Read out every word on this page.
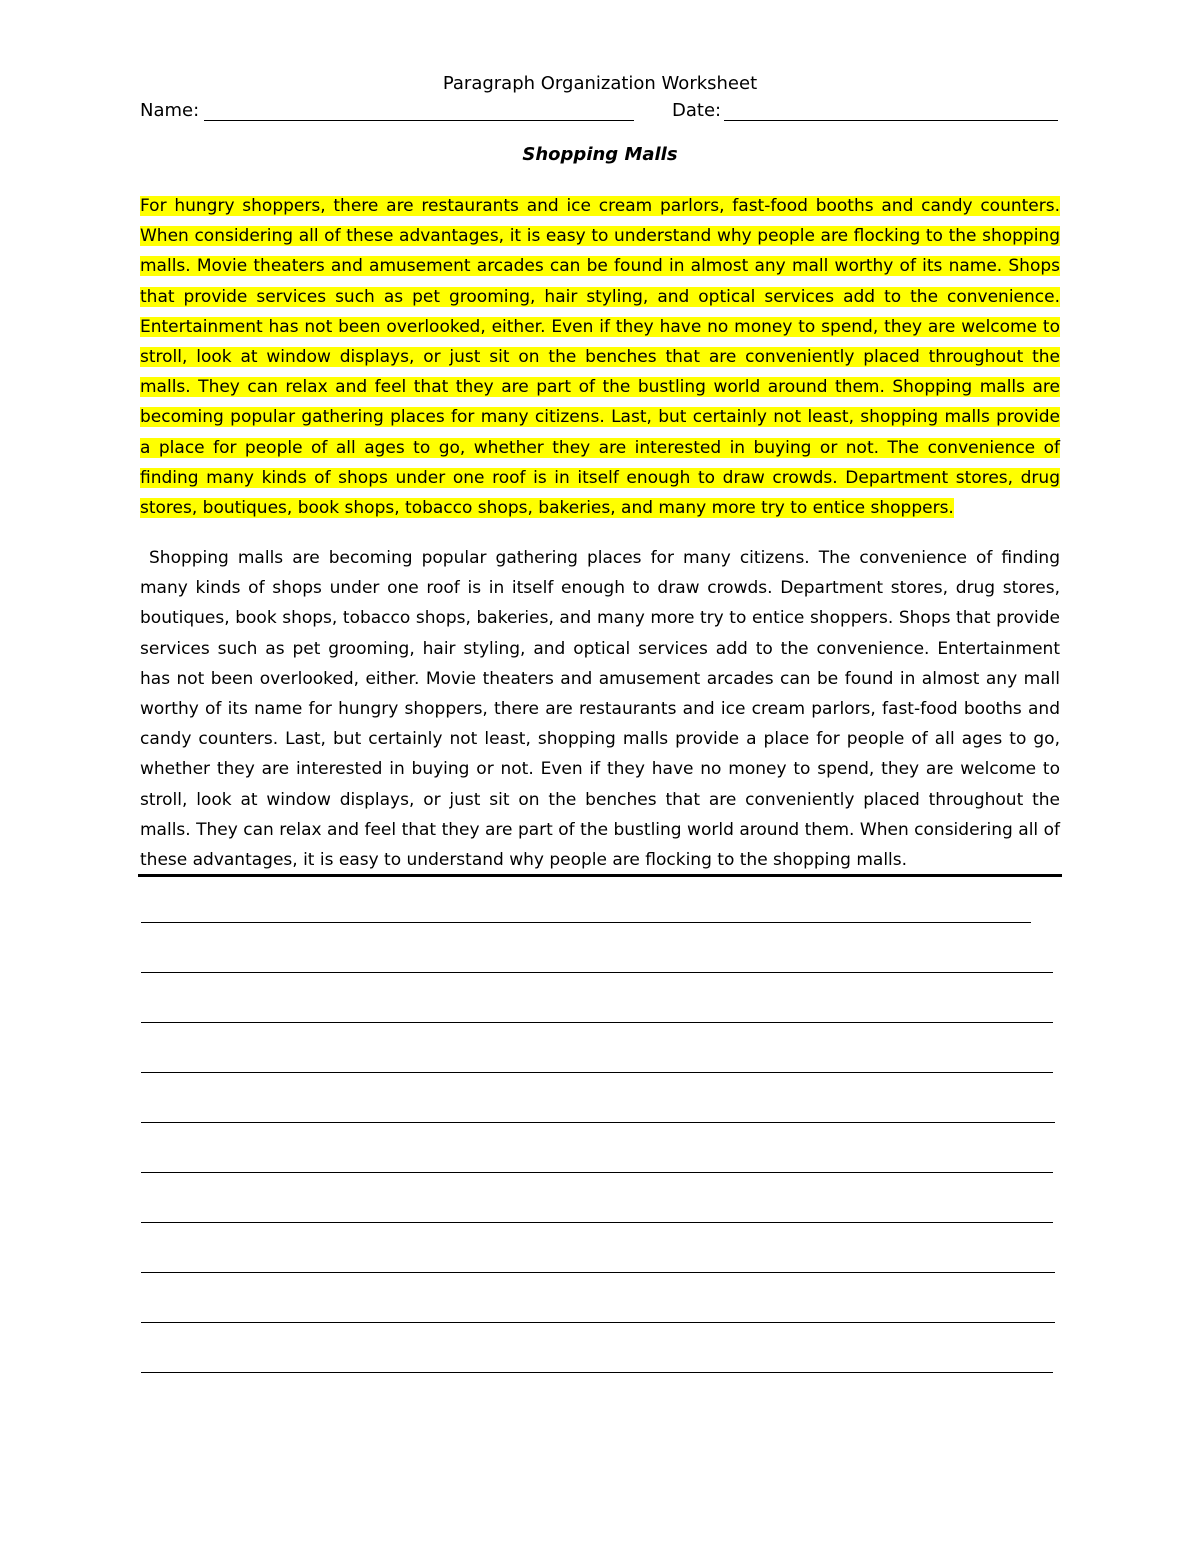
Paragraph Organization Worksheet
Name:	Date:
Shopping Malls

For hungry shoppers, there are restaurants and ice cream parlors, fast-food booths and candy counters. When considering all of these advantages, it is easy to understand why people are flocking to the shopping malls. Movie theaters and amusement arcades can be found in almost any mall worthy of its name. Shops that provide services such as pet grooming, hair styling, and optical services add to the convenience. Entertainment has not been overlooked, either. Even if they have no money to spend, they are welcome to stroll, look at window displays, or just sit on the benches that are conveniently placed throughout the malls. They can relax and feel that they are part of the bustling world around them. Shopping malls are becoming popular gathering places for many citizens. Last, but certainly not least, shopping malls provide a place for people of all ages to go, whether they are interested in buying or not. The convenience of finding many kinds of shops under one roof is in itself enough to draw crowds. Department stores, drug stores, boutiques, book shops, tobacco shops, bakeries, and many more try to entice shoppers.

Shopping malls are becoming popular gathering places for many citizens. The convenience of finding many kinds of shops under one roof is in itself enough to draw crowds. Department stores, drug stores, boutiques, book shops, tobacco shops, bakeries, and many more try to entice shoppers. Shops that provide services such as pet grooming, hair styling, and optical services add to the convenience. Entertainment has not been overlooked, either. Movie theaters and amusement arcades can be found in almost any mall worthy of its name for hungry shoppers, there are restaurants and ice cream parlors, fast-food booths and candy counters. Last, but certainly not least, shopping malls provide a place for people of all ages to go, whether they are interested in buying or not. Even if they have no money to spend, they are welcome to stroll, look at window displays, or just sit on the benches that are conveniently placed throughout the malls. They can relax and feel that they are part of the bustling world around them. When considering all of these advantages, it is easy to understand why people are flocking to the shopping malls.
